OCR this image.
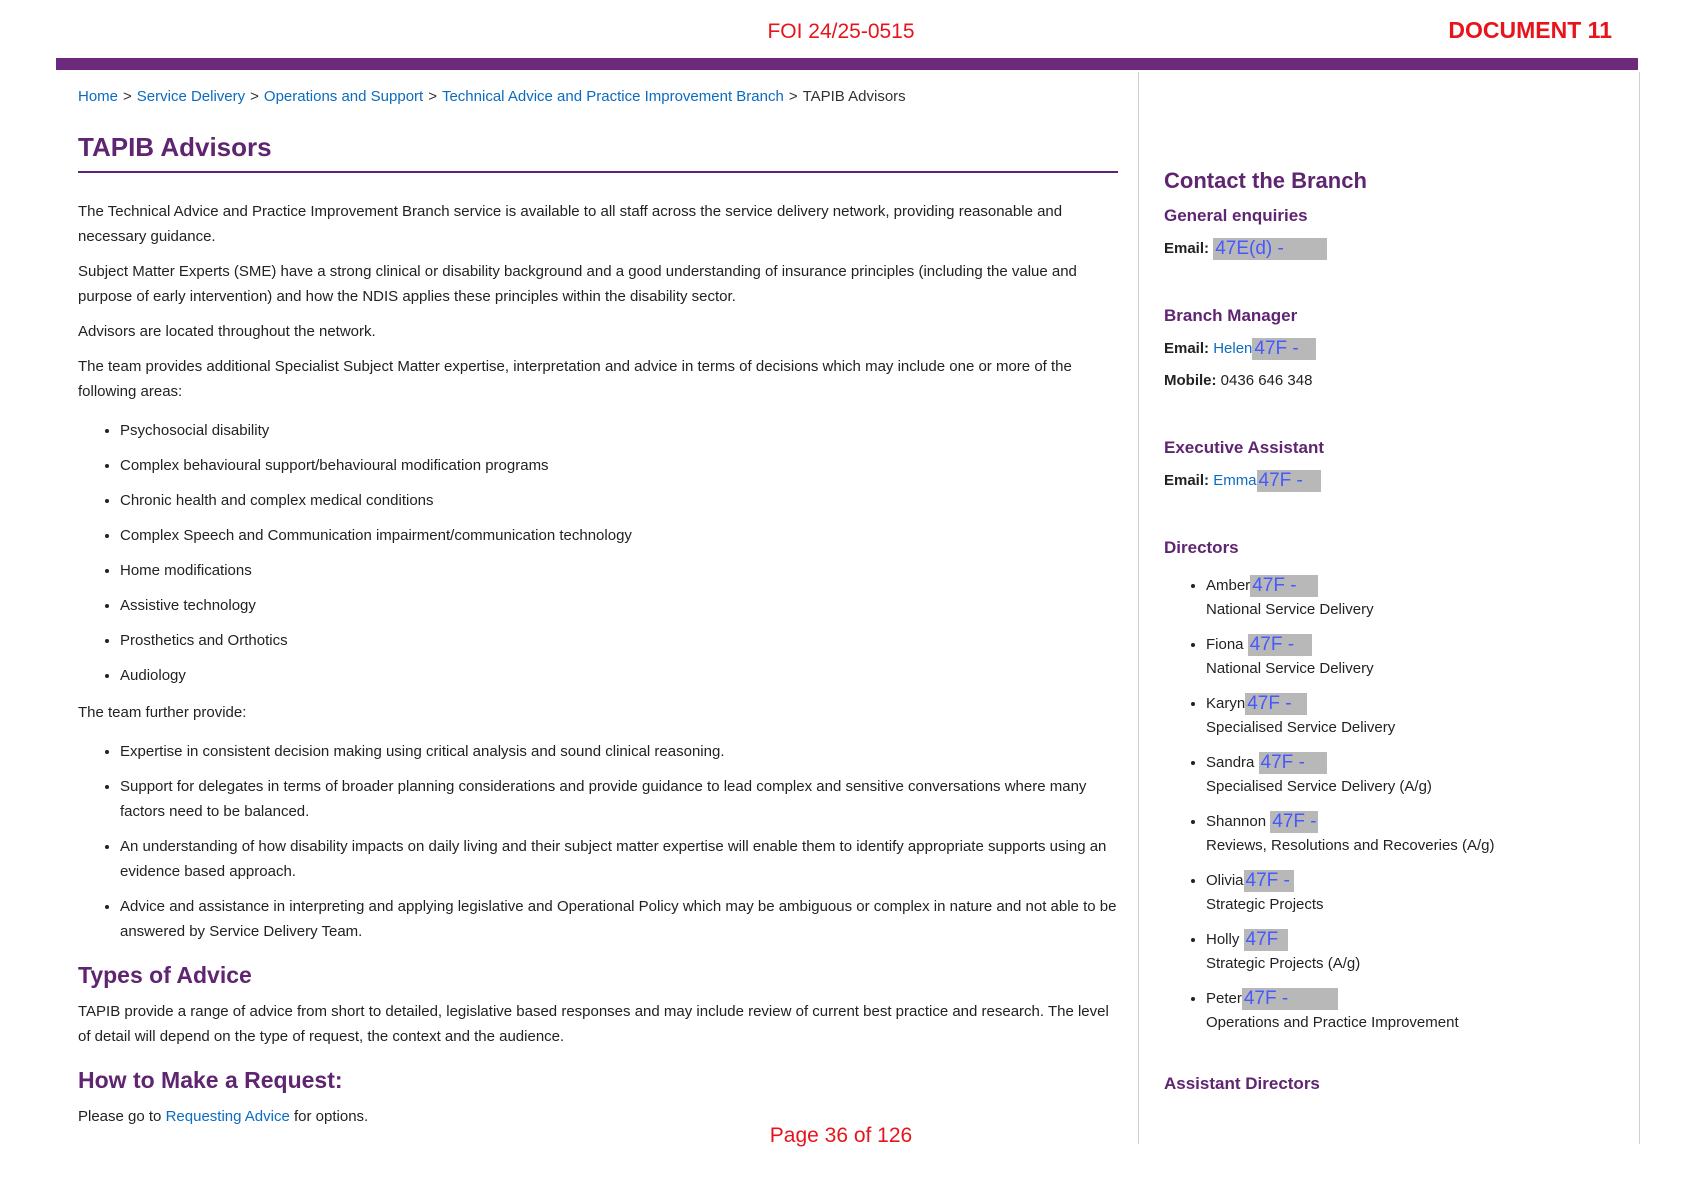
FOI 24/25-0515	DOCUMENT 11
Home > Service Delivery > Operations and Support > Technical Advice and Practice Improvement Branch > TAPIB Advisors
TAPIB Advisors

The Technical Advice and Practice Improvement Branch service is available to all staff across the service delivery network, providing reasonable and necessary guidance.

Subject Matter Experts (SME) have a strong clinical or disability background and a good understanding of insurance principles (including the value and purpose of early intervention) and how the NDIS applies these principles within the disability sector.

Advisors are located throughout the network.

The team provides additional Specialist Subject Matter expertise, interpretation and advice in terms of decisions which may include one or more of the following areas:

• Psychosocial disability
• Complex behavioural support/behavioural modification programs
• Chronic health and complex medical conditions
• Complex Speech and Communication impairment/communication technology
• Home modifications
• Assistive technology
• Prosthetics and Orthotics
• Audiology

The team further provide:

• Expertise in consistent decision making using critical analysis and sound clinical reasoning.
• Support for delegates in terms of broader planning considerations and provide guidance to lead complex and sensitive conversations where many factors need to be balanced.
• An understanding of how disability impacts on daily living and their subject matter expertise will enable them to identify appropriate supports using an evidence based approach.
• Advice and assistance in interpreting and applying legislative and Operational Policy which may be ambiguous or complex in nature and not able to be answered by Service Delivery Team.
Types of Advice

TAPIB provide a range of advice from short to detailed, legislative based responses and may include review of current best practice and research. The level of detail will depend on the type of request, the context and the audience.

How to Make a Request:

Please go to Requesting Advice for options.

Contact the Branch
General enquiries
Email: 47E(d) -
Branch Manager
Email: Helen 47F -
Mobile: 0436 646 348
Executive Assistant
Email: Emma 47F -
Directors
• Amber 47F -
National Service Delivery
• Fiona 47F -
National Service Delivery
• Karyn 47F -
Specialised Service Delivery
• Sandra 47F -
Specialised Service Delivery (A/g)
• Shannon 47F -
Reviews, Resolutions and Recoveries (A/g)
• Olivia 47F -
Strategic Projects
• Holly 47F
Strategic Projects (A/g)
• Peter 47F -
Operations and Practice Improvement
Assistant Directors
Page 36 of 126
